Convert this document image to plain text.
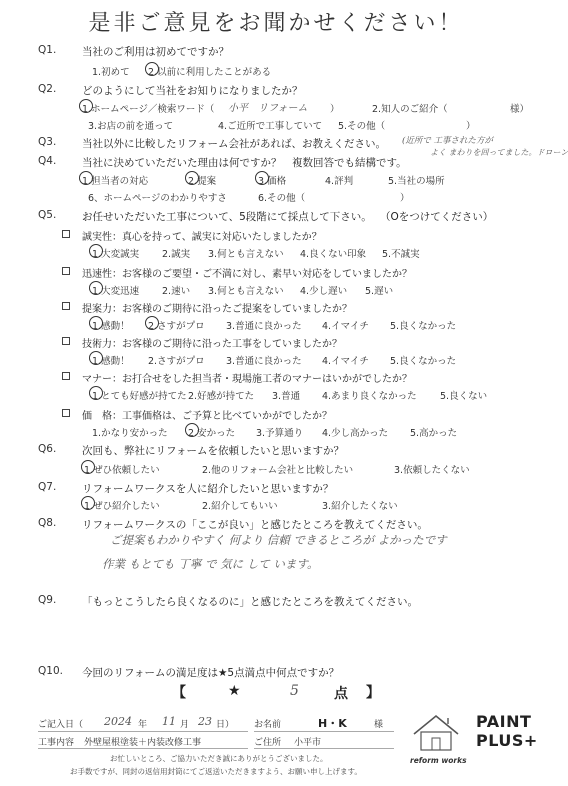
是非ご意見をお聞かせください！
Q1. 当社のご利用は初めてですか？
1.初めて 2.以前に利用したことがある
Q2. どのようにして当社をお知りになりましたか？
1.ホームページ／検索ワード（ 小平　リフォーム ）	2.知人のご紹介（	様）
3.お店の前を通って	4.ご近所で工事していて 5.その他（	）
Q3. 当社以外に比較したリフォーム会社があれば、お教えください。 (近所で 工事された方が
Q4. 当社に決めていただいた理由は何ですか？ 複数回答でも結構です。
よく まわりを回ってました。ドローン
1.担当者の対応	2.提案	3.価格	4.評判	5.当社の場所
6、ホームページのわかりやすさ	6.その他（	）
Q5. お任せいただいた工事について、5段階にて採点して下さい。 （Oをつけてください）
誠実性：真心を持って、誠実に対応いたしましたか？
1.大変誠実 2.誠実 3.何とも言えない 4.良くない印象 5.不誠実
迅速性：お客様のご要望・ご不満に対し、素早い対応をしていましたか？
1.大変迅速 2.速い 3.何とも言えない 4.少し遅い 5.遅い
提案力：お客様のご期待に沿ったご提案をしていましたか？
1.感動！ 2.さすがプロ 3.普通に良かった 4.イマイチ 5.良くなかった
技術力：お客様のご期待に沿った工事をしていましたか？
1.感動！ 2.さすがプロ 3.普通に良かった 4.イマイチ 5.良くなかった
マナー：お打合せをした担当者・現場施工者のマナーはいかがでしたか？
1.とても好感が持てた 2.好感が持てた 3.普通 4.あまり良くなかった 5.良くない
価　格：工事価格は、ご予算と比べていかがでしたか？
1.かなり安かった 2.安かった 3.予算通り 4.少し高かった 5.高かった
Q6. 次回も、弊社にリフォームを依頼したいと思いますか？
1.ぜひ依頼したい	2.他のリフォーム会社と比較したい	3.依頼したくない
Q7. リフォームワークスを人に紹介したいと思いますか？
1.ぜひ紹介したい	2.紹介してもいい	3.紹介したくない
Q8. リフォームワークスの「ここが良い」と感じたところを教えてください。
ご提案もわかりやすく 何より 信頼 できるところが よかったです
作業 もとても 丁寧 で 気に して います。
Q9. 「もっとこうしたら良くなるのに」と感じたところを教えてください。
Q10. 今回のリフォームの満足度は★5点満点中何点ですか？
【	★	5	点 】
ご記入日（ 2024 年 11 月 23 日） お名前	H・K	様
工事内容 外壁屋根塗装＋内装改修工事	ご住所 小平市
お忙しいところ、ご協力いただき誠にありがとうございました。
お手数ですが、同封の返信用封筒にてご返送いただきますよう、お願い申し上げます。
reform works
PAINT
PLUS+
